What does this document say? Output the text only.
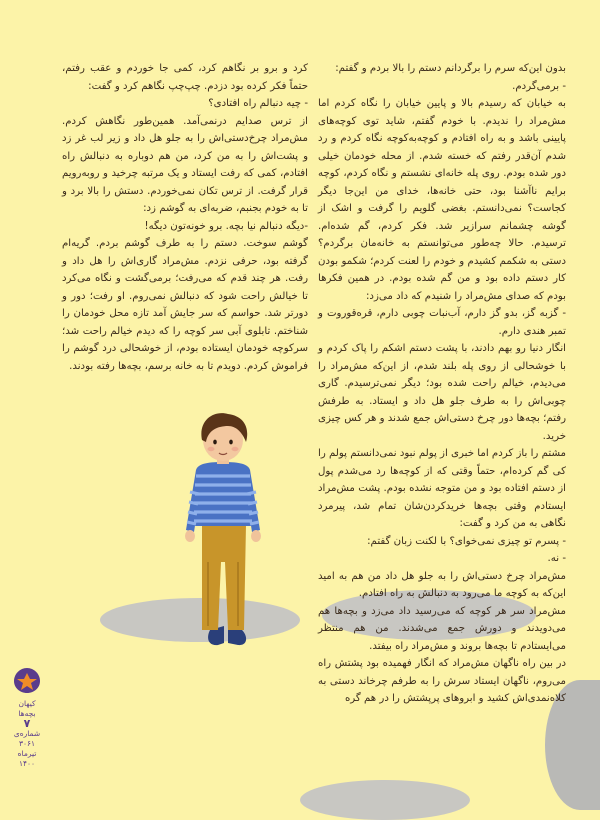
بدون این‌که سرم را برگردانم دستم را بالا بردم و گفتم:

- برمی‌گردم.

به خیابان که رسیدم بالا و پایین خیابان را نگاه کردم اما مش‌مراد را ندیدم. با خودم گفتم، شاید توی کوچه‌های پایینی باشد و به راه افتادم و کوچه‌به‌کوچه نگاه کردم و رد شدم آن‌قدر رفتم که خسته شدم. از محله خودمان خیلی دور شده بودم. روی پله خانه‌ای نشستم و نگاه کردم، کوچه برایم ناآشنا بود، حتی خانه‌ها، خدای من این‌جا دیگر کجاست؟ نمی‌دانستم. بغضی گلویم را گرفت و اشک از گوشه چشمانم سرازیر شد. فکر کردم، گم شده‌ام. ترسیدم. حالا چه‌طور می‌توانستم به خانه‌مان برگردم؟ دستی به شکمم کشیدم و خودم را لعنت کردم؛ شکمو بودن کار دستم داده بود و من گم شده بودم. در همین فکرها بودم که صدای مش‌مراد را شنیدم که داد می‌زد:

- گزبه گز، بدو گز دارم، آب‌نبات چوبی دارم، قره‌قوروت و تمبر هندی دارم.

انگار دنیا رو بهم دادند، با پشت دستم اشکم را پاک کردم و با خوشحالی از روی پله بلند شدم، از این‌که مش‌مراد را می‌دیدم، خیالم راحت شده بود؛ دیگر نمی‌ترسیدم. گاری چوبی‌اش را به طرف جلو هل داد و ایستاد. به طرفش رفتم؛ بچه‌ها دور چرخ دستی‌اش جمع شدند و هر کس چیزی خرید.

مشتم را باز کردم اما خبری از پولم نبود نمی‌دانستم پولم را کی گم کرده‌ام، حتماً وقتی که از کوچه‌ها رد می‌شدم پول از دستم افتاده بود و من متوجه نشده بودم. پشت مش‌مراد ایستادم وقتی بچه‌ها خریدکردن‌شان تمام شد، پیرمرد نگاهی به من کرد و گفت:

- پسرم تو چیزی نمی‌خوای؟ با لکنت زبان گفتم:

- نه.

مش‌مراد چرخ دستی‌اش را به جلو هل داد من هم به امید این‌که به کوچه ما می‌رود به دنبالش به راه افتادم.

مش‌مراد سر هر کوچه که می‌رسید داد می‌زد و بچه‌ها هم می‌دویدند و دورش جمع می‌شدند. من هم منتظر می‌ایستادم تا بچه‌ها بروند و مش‌مراد راه بیفتد.

در بین راه ناگهان مش‌مراد که انگار فهمیده بود پشتش راه می‌روم، ناگهان ایستاد سرش را به طرفم چرخاند دستی به کلاه‌نمدی‌اش کشید و ابروهای پرپشتش را در هم گره

کرد و برو بر نگاهم کرد، کمی جا خوردم و عقب رفتم، حتماً فکر کرده بود دزدم. چپ‌چپ نگاهم کرد و گفت:

- چیه دنبالم راه افتادی؟

از ترس صدایم درنمی‌آمد. همین‌طور نگاهش کردم. مش‌مراد چرخ‌دستی‌اش را به جلو هل داد و زیر لب غر زد و پشت‌اش را به من کرد، من هم دوباره به دنبالش راه افتادم، کمی که رفت ایستاد و یک مرتبه چرخید و روبه‌رویم قرار گرفت. از ترس تکان نمی‌خوردم. دستش را بالا برد و تا به خودم بجنبم، ضربه‌ای به گوشم زد:

-دیگه دنبالم نیا بچه. برو خونه‌تون دیگه!

گوشم سوخت. دستم را به طرف گوشم بردم. گریه‌ام گرفته بود، حرفی نزدم. مش‌مراد گاری‌اش را هل داد و رفت. هر چند قدم که می‌رفت؛ برمی‌گشت و نگاه می‌کرد تا خیالش راحت شود که دنبالش نمی‌روم. او رفت؛ دور و دورتر شد. حواسم که سر جایش آمد تازه محل خودمان را شناختم. تابلوی آبی سر کوچه را که دیدم خیالم راحت شد؛ سرکوچه خودمان ایستاده بودم، از خوشحالی درد گوشم را فراموش کردم. دویدم تا به خانه برسم، بچه‌ها رفته بودند.

کیهان
بچه‌ها
۷
شماره‌ی
۳۰۶۱
تیرماه
۱۴۰۰
